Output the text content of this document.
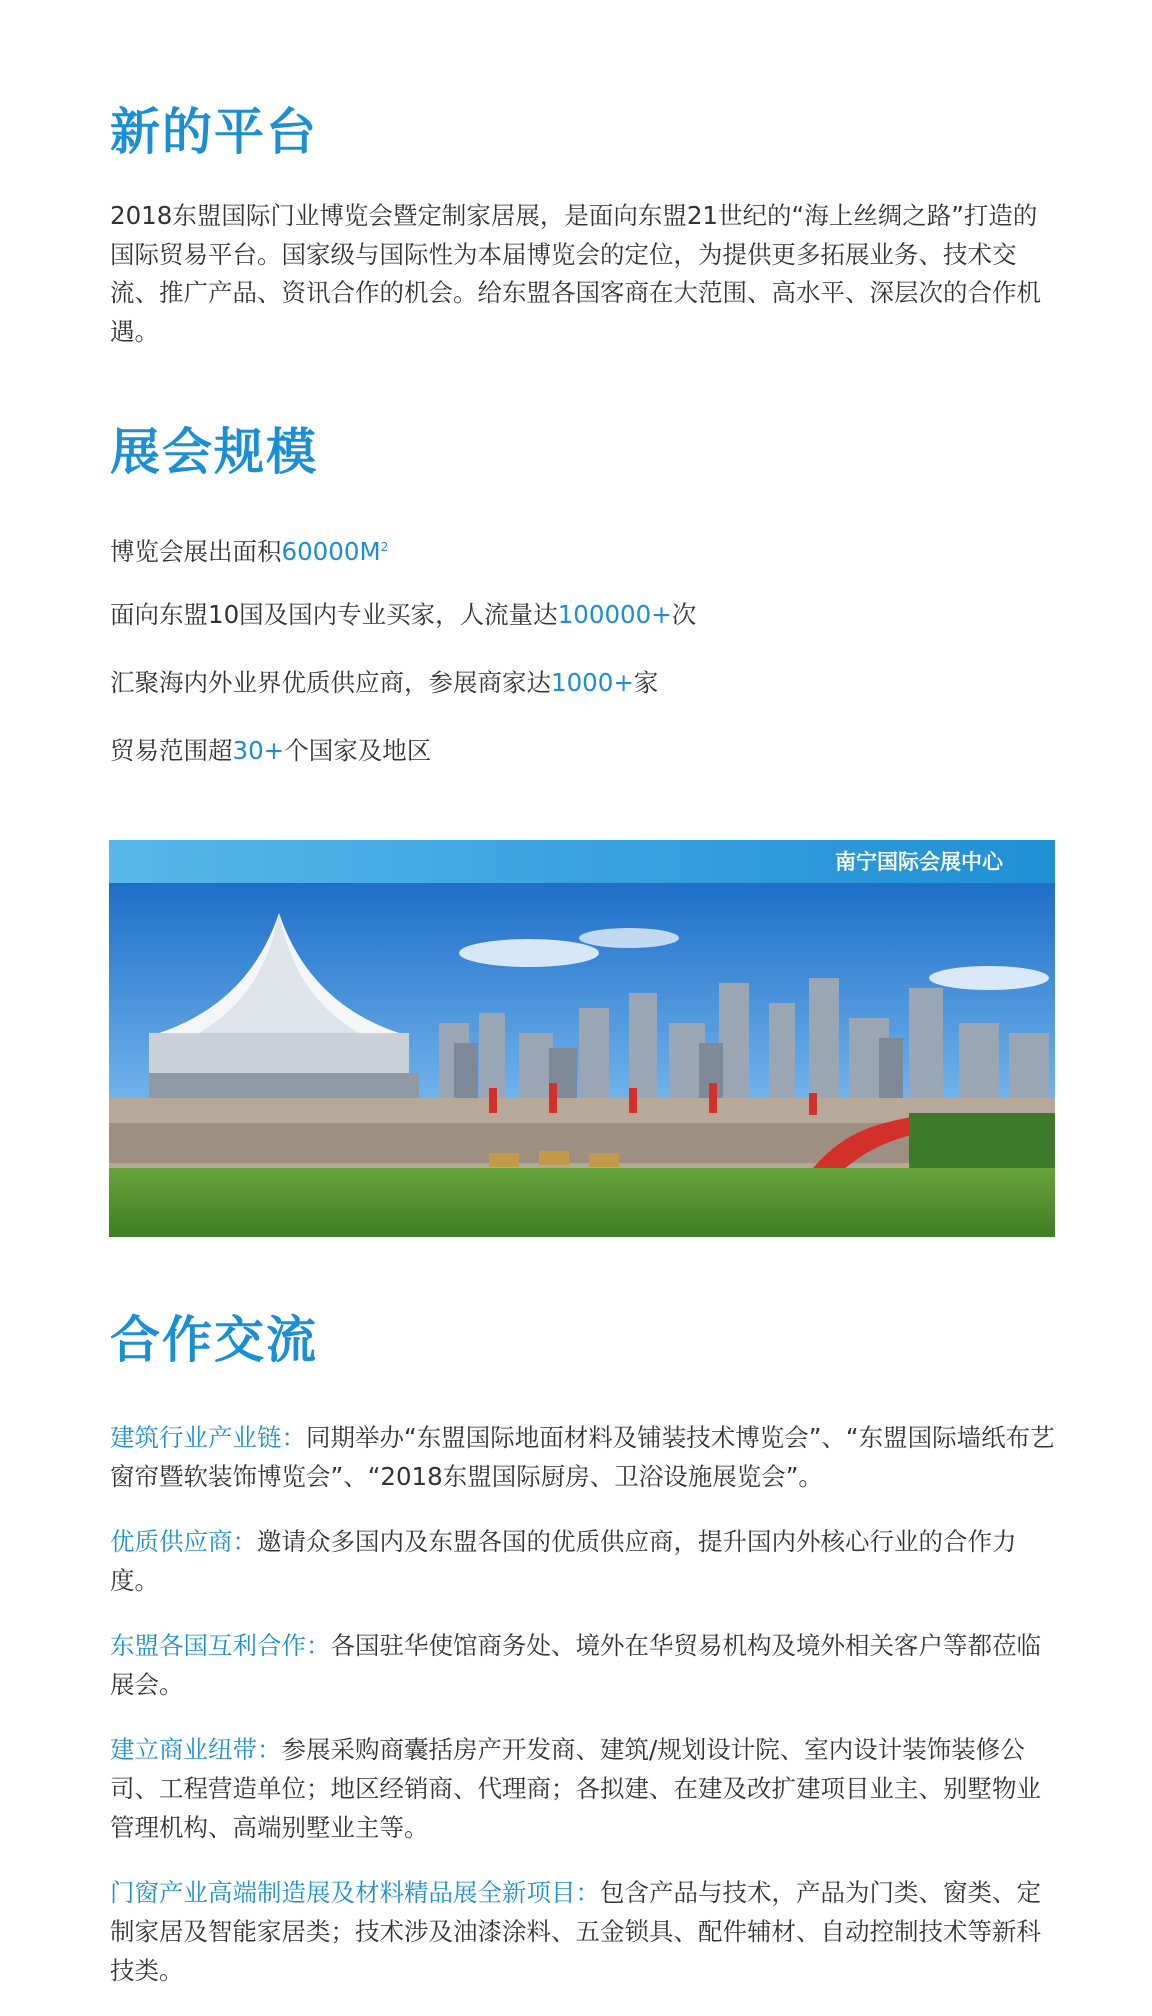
新的平台

2018东盟国际门业博览会暨定制家居展，是面向东盟21世纪的“海上丝绸之路”打造的国际贸易平台。国家级与国际性为本届博览会的定位，为提供更多拓展业务、技术交流、推广产品、资讯合作的机会。给东盟各国客商在大范围、高水平、深层次的合作机遇。

展会规模

博览会展出面积$60000M^2$

面向东盟10国及国内专业买家，人流量达100000+次

汇聚海内外业界优质供应商，参展商家达1000+家

贸易范围超30+个国家及地区

南宁国际会展中心
合作交流

建筑行业产业链：同期举办“东盟国际地面材料及铺装技术博览会”、“东盟国际墙纸布艺窗帘暨软装饰博览会”、“2018东盟国际厨房、卫浴设施展览会”。

优质供应商：邀请众多国内及东盟各国的优质供应商，提升国内外核心行业的合作力度。

东盟各国互利合作：各国驻华使馆商务处、境外在华贸易机构及境外相关客户等都莅临展会。

建立商业纽带：参展采购商囊括房产开发商、建筑/规划设计院、室内设计装饰装修公司、工程营造单位；地区经销商、代理商；各拟建、在建及改扩建项目业主、别墅物业管理机构、高端别墅业主等。

门窗产业高端制造展及材料精品展全新项目：包含产品与技术，产品为门类、窗类、定制家居及智能家居类；技术涉及油漆涂料、五金锁具、配件辅材、自动控制技术等新科技类。
